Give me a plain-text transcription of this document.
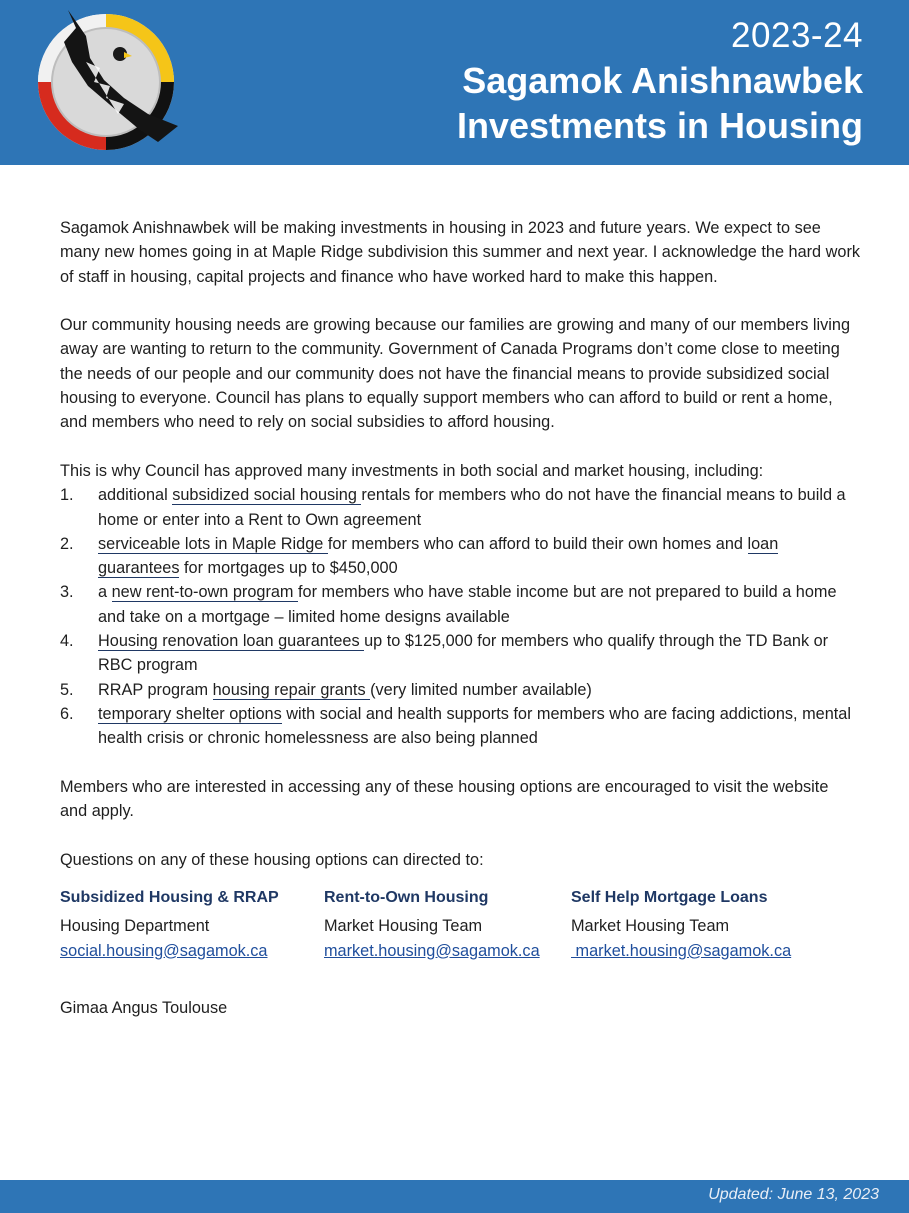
2023-24
Sagamok Anishnawbek
Investments in Housing

Sagamok Anishnawbek will be making investments in housing in 2023 and future years. We expect to see many new homes going in at Maple Ridge subdivision this summer and next year. I acknowledge the hard work of staff in housing, capital projects and finance who have worked hard to make this happen.

Our community housing needs are growing because our families are growing and many of our members living away are wanting to return to the community. Government of Canada Programs don’t come close to meeting the needs of our people and our community does not have the financial means to provide subsidized social housing to everyone. Council has plans to equally support members who can afford to build or rent a home, and members who need to rely on social subsidies to afford housing.

This is why Council has approved many investments in both social and market housing, including:
1. additional subsidized social housing rentals for members who do not have the financial means to build a home or enter into a Rent to Own agreement
2. serviceable lots in Maple Ridge for members who can afford to build their own homes and loan guarantees for mortgages up to $450,000
3. a new rent-to-own program for members who have stable income but are not prepared to build a home and take on a mortgage – limited home designs available
4. Housing renovation loan guarantees up to $125,000 for members who qualify through the TD Bank or RBC program
5. RRAP program housing repair grants (very limited number available)
6. temporary shelter options with social and health supports for members who are facing addictions, mental health crisis or chronic homelessness are also being planned

Members who are interested in accessing any of these housing options are encouraged to visit the website and apply.

Questions on any of these housing options can directed to:

Subsidized Housing & RRAP
Housing Department
social.housing@sagamok.ca
Rent-to-Own Housing
Market Housing Team
market.housing@sagamok.ca
Self Help Mortgage Loans
Market Housing Team
market.housing@sagamok.ca
Gimaa Angus Toulouse
Updated: June 13, 2023
